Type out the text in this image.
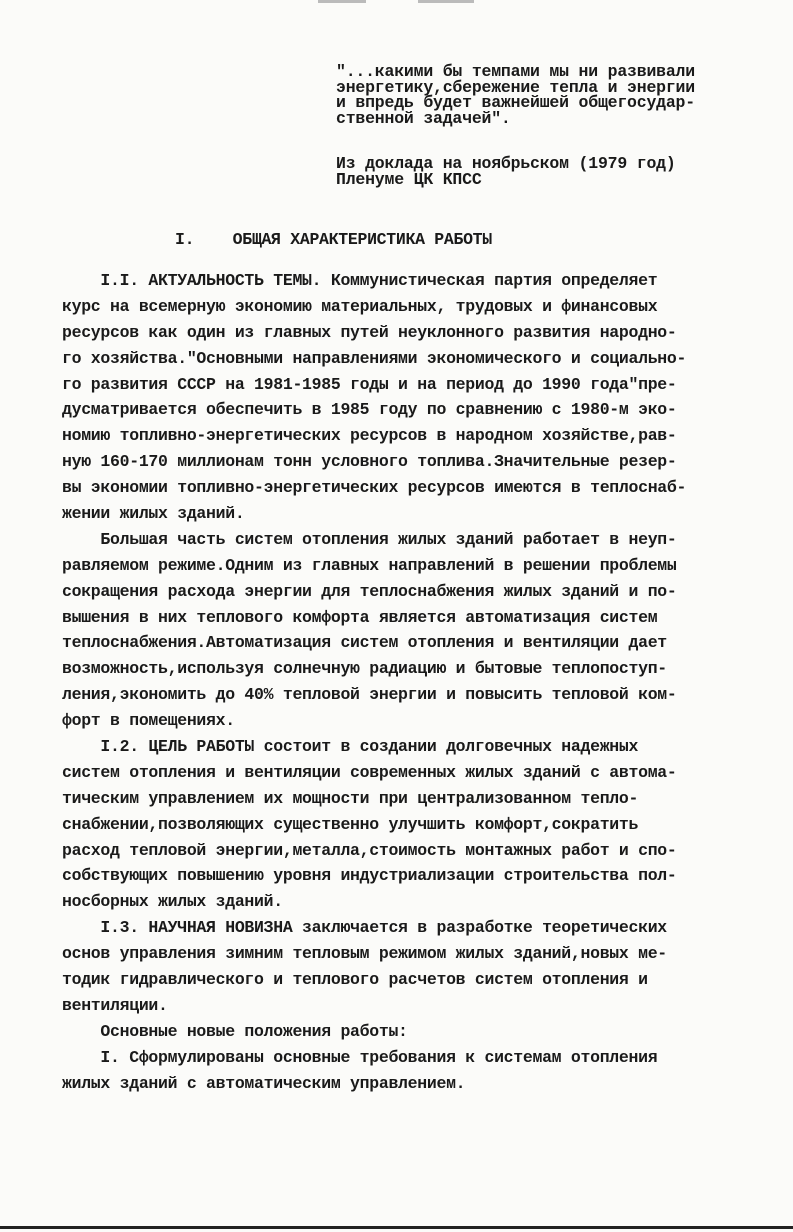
"...какими бы темпами мы ни развивали
энергетику,сбережение тепла и энергии
и впредь будет важнейшей общегосудар-
ственной задачей".
Из доклада на ноябрьском (1979 год)
Пленуме ЦК КПСС
I. ОБЩАЯ ХАРАКТЕРИСТИКА РАБОТЫ
I.I. АКТУАЛЬНОСТЬ ТЕМЫ. Коммунистическая партия определяет
курс на всемерную экономию материальных, трудовых и финансовых
ресурсов как один из главных путей неуклонного развития народно-
го хозяйства."Основными направлениями экономического и социально-
го развития СССР на 1981-1985 годы и на период до 1990 года"пре-
дусматривается обеспечить в 1985 году по сравнению с 1980-м эко-
номию топливно-энергетических ресурсов в народном хозяйстве,рав-
ную 160-170 миллионам тонн условного топлива.Значительные резер-
вы экономии топливно-энергетических ресурсов имеются в теплоснаб-
жении жилых зданий.
Большая часть систем отопления жилых зданий работает в неуп-
равляемом режиме.Одним из главных направлений в решении проблемы
сокращения расхода энергии для теплоснабжения жилых зданий и по-
вышения в них теплового комфорта является автоматизация систем
теплоснабжения.Автоматизация систем отопления и вентиляции дает
возможность,используя солнечную радиацию и бытовые теплопоступ-
ления,экономить до 40% тепловой энергии и повысить тепловой ком-
форт в помещениях.
I.2. ЦЕЛЬ РАБОТЫ состоит в создании долговечных надежных
систем отопления и вентиляции современных жилых зданий с автома-
тическим управлением их мощности при централизованном тепло-
снабжении,позволяющих существенно улучшить комфорт,сократить
расход тепловой энергии,металла,стоимость монтажных работ и спо-
собствующих повышению уровня индустриализации строительства пол-
носборных жилых зданий.
I.3. НАУЧНАЯ НОВИЗНА заключается в разработке теоретических
основ управления зимним тепловым режимом жилых зданий,новых ме-
тодик гидравлического и теплового расчетов систем отопления и
вентиляции.
Основные новые положения работы:
I. Сформулированы основные требования к системам отопления
жилых зданий с автоматическим управлением.
